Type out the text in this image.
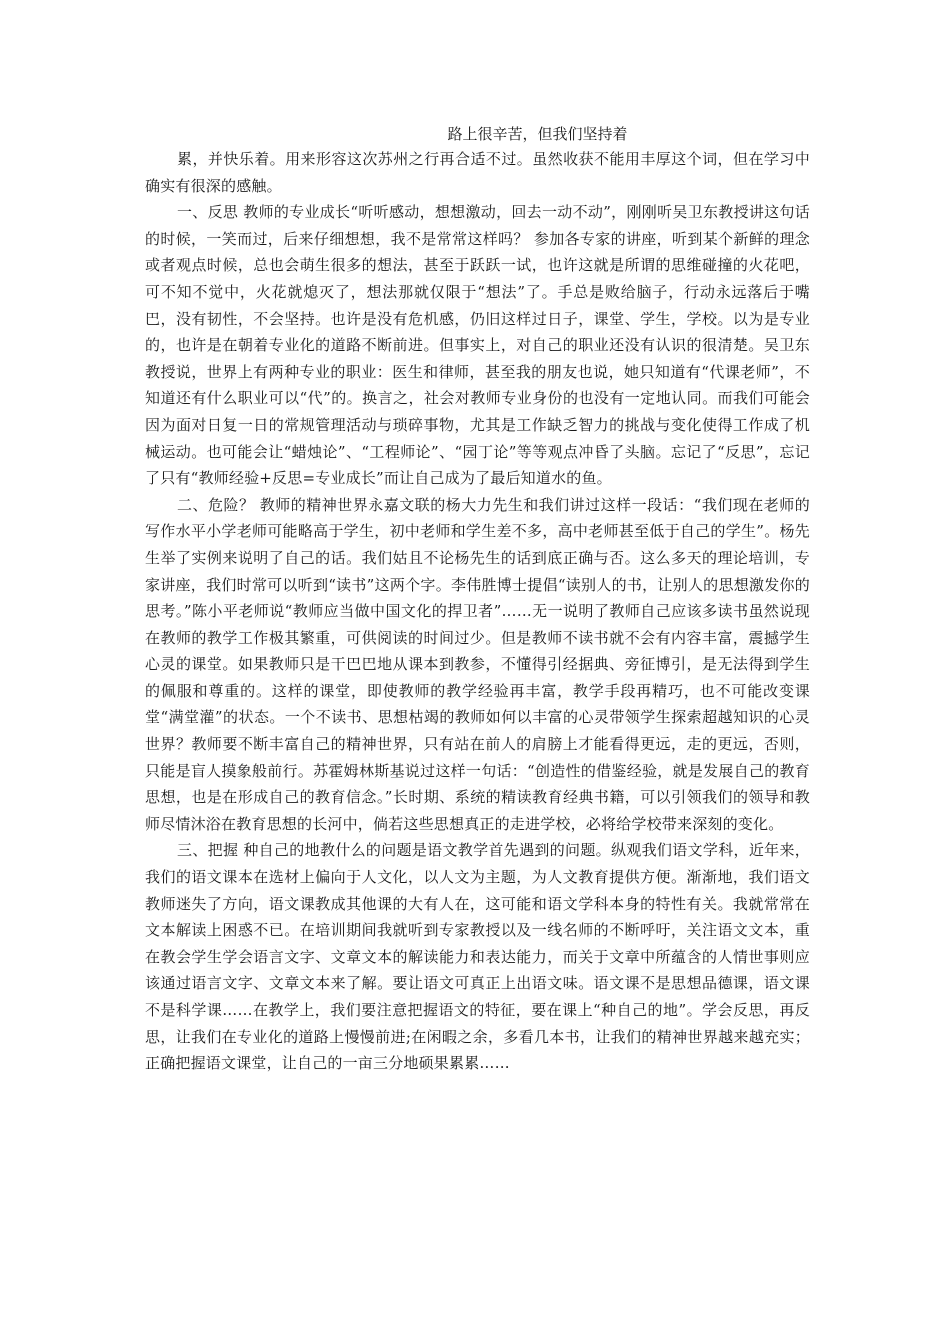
路上很辛苦，但我们坚持着

累，并快乐着。用来形容这次苏州之行再合适不过。虽然收获不能用丰厚这个词，但在学习中确实有很深的感触。

一、反思 教师的专业成长“听听感动，想想激动，回去一动不动”，刚刚听吴卫东教授讲这句话的时候，一笑而过，后来仔细想想，我不是常常这样吗？ 参加各专家的讲座，听到某个新鲜的理念或者观点时候，总也会萌生很多的想法，甚至于跃跃一试，也许这就是所谓的思维碰撞的火花吧，可不知不觉中，火花就熄灭了，想法那就仅限于“想法”了。手总是败给脑子，行动永远落后于嘴巴，没有韧性，不会坚持。也许是没有危机感，仍旧这样过日子，课堂、学生，学校。以为是专业的，也许是在朝着专业化的道路不断前进。但事实上，对自己的职业还没有认识的很清楚。吴卫东教授说，世界上有两种专业的职业：医生和律师，甚至我的朋友也说，她只知道有“代课老师”，不知道还有什么职业可以“代”的。换言之，社会对教师专业身份的也没有一定地认同。而我们可能会因为面对日复一日的常规管理活动与琐碎事物，尤其是工作缺乏智力的挑战与变化使得工作成了机械运动。也可能会让“蜡烛论”、“工程师论”、“园丁论”等等观点冲昏了头脑。忘记了“反思”，忘记了只有“教师经验+反思=专业成长”而让自己成为了最后知道水的鱼。

二、危险？ 教师的精神世界永嘉文联的杨大力先生和我们讲过这样一段话：“我们现在老师的写作水平小学老师可能略高于学生，初中老师和学生差不多，高中老师甚至低于自己的学生”。杨先生举了实例来说明了自己的话。我们姑且不论杨先生的话到底正确与否。这么多天的理论培训，专家讲座，我们时常可以听到“读书”这两个字。李伟胜博士提倡“读别人的书，让别人的思想激发你的思考。”陈小平老师说“教师应当做中国文化的捍卫者”……无一说明了教师自己应该多读书虽然说现在教师的教学工作极其繁重，可供阅读的时间过少。但是教师不读书就不会有内容丰富，震撼学生心灵的课堂。如果教师只是干巴巴地从课本到教参，不懂得引经据典、旁征博引，是无法得到学生的佩服和尊重的。这样的课堂，即使教师的教学经验再丰富，教学手段再精巧，也不可能改变课堂“满堂灌”的状态。一个不读书、思想枯竭的教师如何以丰富的心灵带领学生探索超越知识的心灵世界？教师要不断丰富自己的精神世界，只有站在前人的肩膀上才能看得更远，走的更远，否则，只能是盲人摸象般前行。苏霍姆林斯基说过这样一句话：“创造性的借鉴经验，就是发展自己的教育思想，也是在形成自己的教育信念。”长时期、系统的精读教育经典书籍，可以引领我们的领导和教师尽情沐浴在教育思想的长河中，倘若这些思想真正的走进学校，必将给学校带来深刻的变化。

三、把握 种自己的地教什么的问题是语文教学首先遇到的问题。纵观我们语文学科，近年来，我们的语文课本在选材上偏向于人文化，以人文为主题，为人文教育提供方便。渐渐地，我们语文教师迷失了方向，语文课教成其他课的大有人在，这可能和语文学科本身的特性有关。我就常常在文本解读上困惑不已。在培训期间我就听到专家教授以及一线名师的不断呼吁，关注语文文本，重在教会学生学会语言文字、文章文本的解读能力和表达能力，而关于文章中所蕴含的人情世事则应该通过语言文字、文章文本来了解。要让语文可真正上出语文味。语文课不是思想品德课，语文课不是科学课……在教学上，我们要注意把握语文的特征，要在课上“种自己的地”。学会反思，再反思，让我们在专业化的道路上慢慢前进;在闲暇之余，多看几本书，让我们的精神世界越来越充实；正确把握语文课堂，让自己的一亩三分地硕果累累……
